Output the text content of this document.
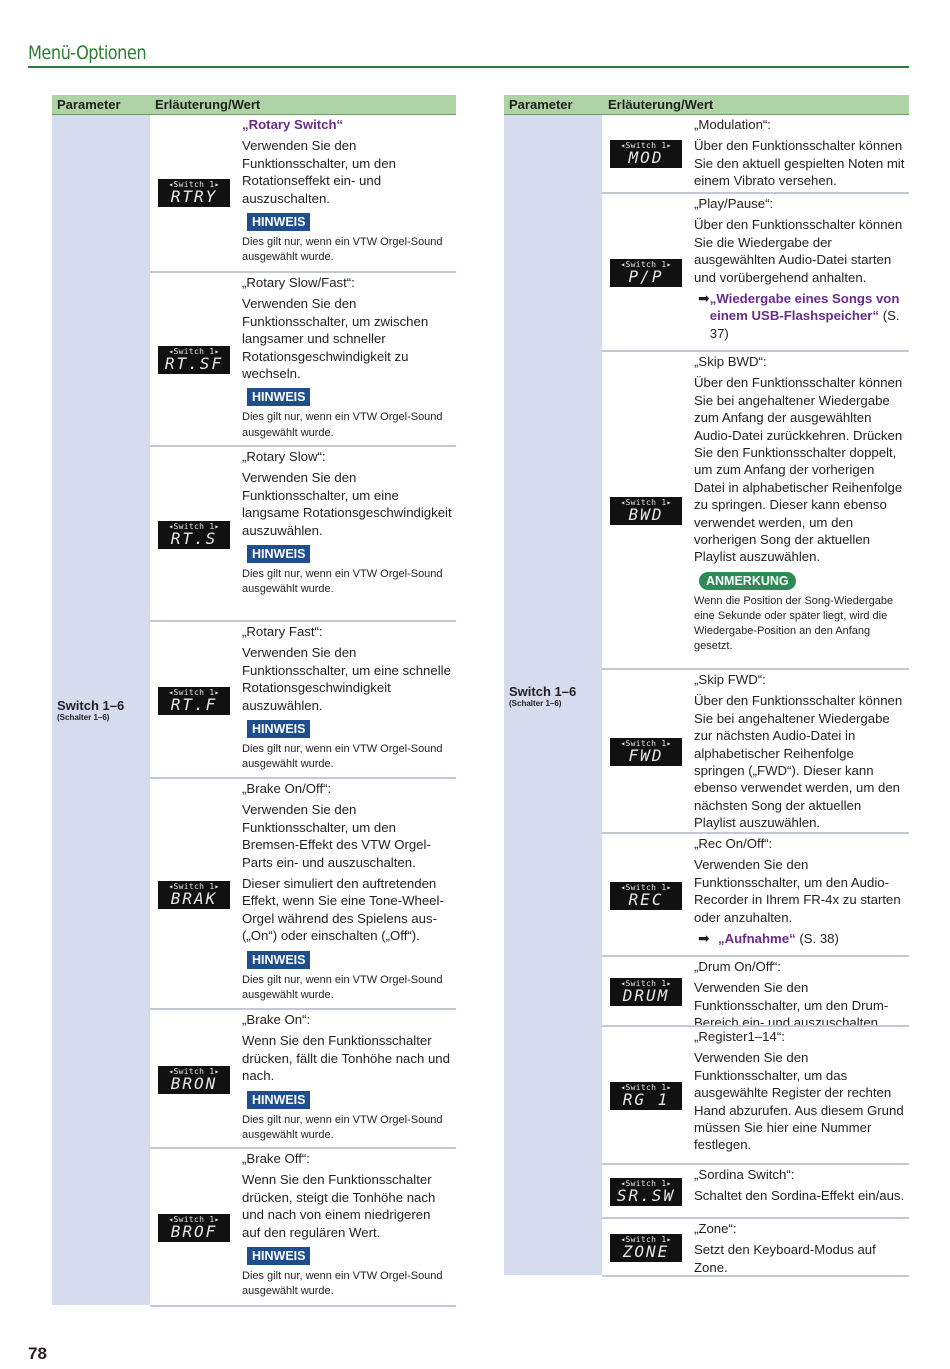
Menü-Optionen
78
Parameter	Erläuterung/Wert
Switch 1–6
(Schalter 1–6)
◂Switch 1▸
RTRY

„Rotary Switch“

Verwenden Sie den Funktionsschalter, um den Rotationseffekt ein- und auszuschalten.

HINWEIS

Dies gilt nur, wenn ein VTW Orgel-Sound ausgewählt wurde.

◂Switch 1▸
RT.SF

„Rotary Slow/Fast“:

Verwenden Sie den Funktionsschalter, um zwischen langsamer und schneller Rotationsgeschwindigkeit zu wechseln.

HINWEIS

Dies gilt nur, wenn ein VTW Orgel-Sound ausgewählt wurde.

◂Switch 1▸
RT.S

„Rotary Slow“:

Verwenden Sie den Funktionsschalter, um eine langsame Rotationsgeschwindigkeit auszuwählen.

HINWEIS

Dies gilt nur, wenn ein VTW Orgel-Sound ausgewählt wurde.

◂Switch 1▸
RT.F

„Rotary Fast“:

Verwenden Sie den Funktionsschalter, um eine schnelle Rotationsgeschwindigkeit auszuwählen.

HINWEIS

Dies gilt nur, wenn ein VTW Orgel-Sound ausgewählt wurde.

◂Switch 1▸
BRAK

„Brake On/Off“:

Verwenden Sie den Funktionsschalter, um den Bremsen-Effekt des VTW Orgel-Parts ein- und auszuschalten.

Dieser simuliert den auftretenden Effekt, wenn Sie eine Tone-Wheel-Orgel während des Spielens aus- („On“) oder einschalten („Off“).

HINWEIS

Dies gilt nur, wenn ein VTW Orgel-Sound ausgewählt wurde.

◂Switch 1▸
BRON

„Brake On“:

Wenn Sie den Funktionsschalter drücken, fällt die Tonhöhe nach und nach.

HINWEIS

Dies gilt nur, wenn ein VTW Orgel-Sound ausgewählt wurde.

◂Switch 1▸
BROF

„Brake Off“:

Wenn Sie den Funktionsschalter drücken, steigt die Tonhöhe nach und nach von einem niedrigeren auf den regulären Wert.

HINWEIS

Dies gilt nur, wenn ein VTW Orgel-Sound ausgewählt wurde.

Parameter	Erläuterung/Wert
Switch 1–6
(Schalter 1–6)
◂Switch 1▸
MOD

„Modulation“:

Über den Funktionsschalter können Sie den aktuell gespielten Noten mit einem Vibrato versehen.

◂Switch 1▸
P/P

„Play/Pause“:

Über den Funktionsschalter können Sie die Wiedergabe der ausgewählten Audio-Datei starten und vorübergehend anhalten.

➡ „Wiedergabe eines Songs von einem USB-Flashspeicher“ (S. 37)
◂Switch 1▸
BWD

„Skip BWD“:

Über den Funktionsschalter können Sie bei angehaltener Wiedergabe zum Anfang der ausgewählten Audio-Datei zurückkehren. Drücken Sie den Funktionsschalter doppelt, um zum Anfang der vorherigen Datei in alphabetischer Reihenfolge zu springen. Dieser kann ebenso verwendet werden, um den vorherigen Song der aktuellen Playlist auszuwählen.

ANMERKUNG

Wenn die Position der Song-Wiedergabe eine Sekunde oder später liegt, wird die Wiedergabe-Position an den Anfang gesetzt.

◂Switch 1▸
FWD

„Skip FWD“:

Über den Funktionsschalter können Sie bei angehaltener Wiedergabe zur nächsten Audio-Datei in alphabetischer Reihenfolge springen („FWD“). Dieser kann ebenso verwendet werden, um den nächsten Song der aktuellen Playlist auszuwählen.

◂Switch 1▸
REC

„Rec On/Off“:

Verwenden Sie den Funktionsschalter, um den Audio-Recorder in Ihrem FR-4x zu starten oder anzuhalten.

➡ „Aufnahme“ (S. 38)
◂Switch 1▸
DRUM

„Drum On/Off“:

Verwenden Sie den Funktionsschalter, um den Drum-Bereich ein- und auszuschalten.

◂Switch 1▸
RG 1

„Register1–14“:

Verwenden Sie den Funktionsschalter, um das ausgewählte Register der rechten Hand abzurufen. Aus diesem Grund müssen Sie hier eine Nummer festlegen.

◂Switch 1▸
SR.SW

„Sordina Switch“:

Schaltet den Sordina-Effekt ein/aus.

◂Switch 1▸
ZONE

„Zone“:

Setzt den Keyboard-Modus auf Zone.
